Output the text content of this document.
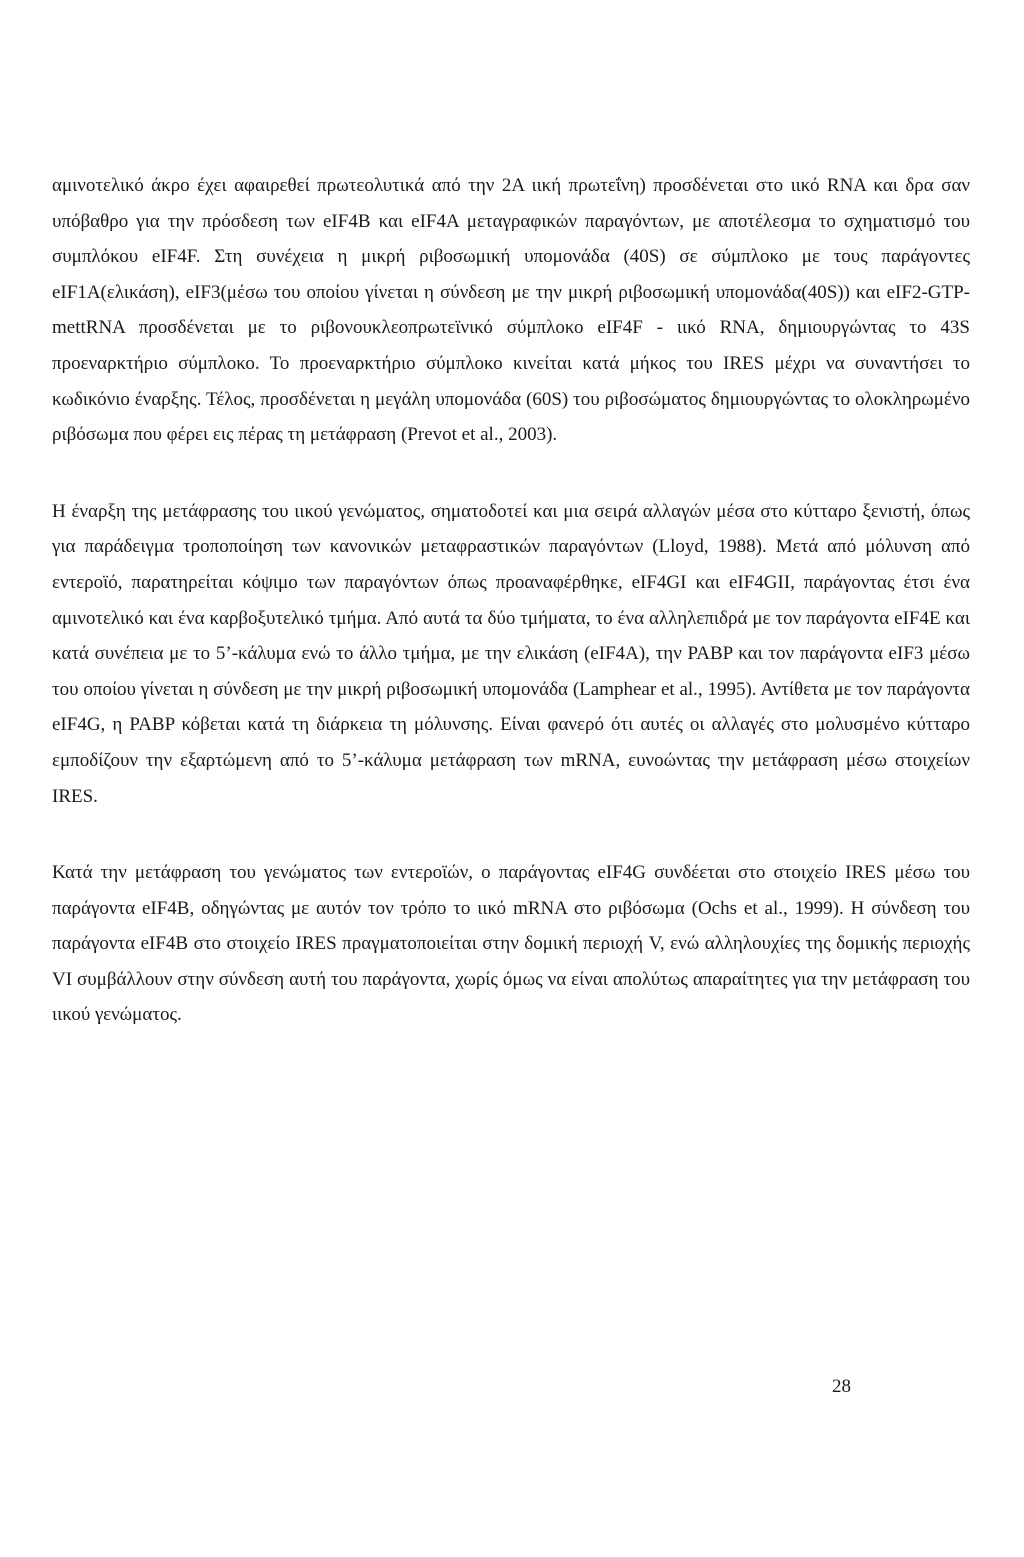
αμινοτελικό άκρο έχει αφαιρεθεί πρωτεολυτικά από την 2Α ιική πρωτεΐνη) προσδένεται στο ιικό RNA και δρα σαν υπόβαθρο για την πρόσδεση των eIF4B και eIF4A μεταγραφικών παραγόντων, με αποτέλεσμα το σχηματισμό του συμπλόκου eIF4F. Στη συνέχεια η μικρή ριβοσωμική υπομονάδα (40S) σε σύμπλοκο με τους παράγοντες eIF1A(ελικάση), eIF3(μέσω του οποίου γίνεται η σύνδεση με την μικρή ριβοσωμική υπομονάδα(40S)) και eIF2-GTP-mettRNA προσδένεται με το ριβονουκλεοπρωτεϊνικό σύμπλοκο eIF4F - ιικό RNA, δημιουργώντας το 43S προεναρκτήριο σύμπλοκο. Το προεναρκτήριο σύμπλοκο κινείται κατά μήκος του IRES μέχρι να συναντήσει το κωδικόνιο έναρξης. Τέλος, προσδένεται η μεγάλη υπομονάδα (60S) του ριβοσώματος δημιουργώντας το ολοκληρωμένο ριβόσωμα που φέρει εις πέρας τη μετάφραση (Prevot et al., 2003).

Η έναρξη της μετάφρασης του ιικού γενώματος, σηματοδοτεί και μια σειρά αλλαγών μέσα στο κύτταρο ξενιστή, όπως για παράδειγμα τροποποίηση των κανονικών μεταφραστικών παραγόντων (Lloyd, 1988). Μετά από μόλυνση από εντεροϊό, παρατηρείται κόψιμο των παραγόντων όπως προαναφέρθηκε, eIF4GI και eIF4GII, παράγοντας έτσι ένα αμινοτελικό και ένα καρβοξυτελικό τμήμα. Από αυτά τα δύο τμήματα, το ένα αλληλεπιδρά με τον παράγοντα eIF4E και κατά συνέπεια με το 5’-κάλυμα ενώ το άλλο τμήμα, με την ελικάση (eIF4A), την PABP και τον παράγοντα eIF3 μέσω του οποίου γίνεται η σύνδεση με την μικρή ριβοσωμική υπομονάδα (Lamphear et al., 1995). Αντίθετα με τον παράγοντα eIF4G, η PABP κόβεται κατά τη διάρκεια τη μόλυνσης. Είναι φανερό ότι αυτές οι αλλαγές στο μολυσμένο κύτταρο εμποδίζουν την εξαρτώμενη από το 5’-κάλυμα μετάφραση των mRNA, ευνοώντας την μετάφραση μέσω στοιχείων IRES.

Κατά την μετάφραση του γενώματος των εντεροϊών, ο παράγοντας eIF4G συνδέεται στο στοιχείο IRES μέσω του παράγοντα eIF4B, οδηγώντας με αυτόν τον τρόπο το ιικό mRNA στο ριβόσωμα (Ochs et al., 1999). Η σύνδεση του παράγοντα eIF4B στο στοιχείο IRES πραγματοποιείται στην δομική περιοχή V, ενώ αλληλουχίες της δομικής περιοχής VI συμβάλλουν στην σύνδεση αυτή του παράγοντα, χωρίς όμως να είναι απολύτως απαραίτητες για την μετάφραση του ιικού γενώματος.

28
